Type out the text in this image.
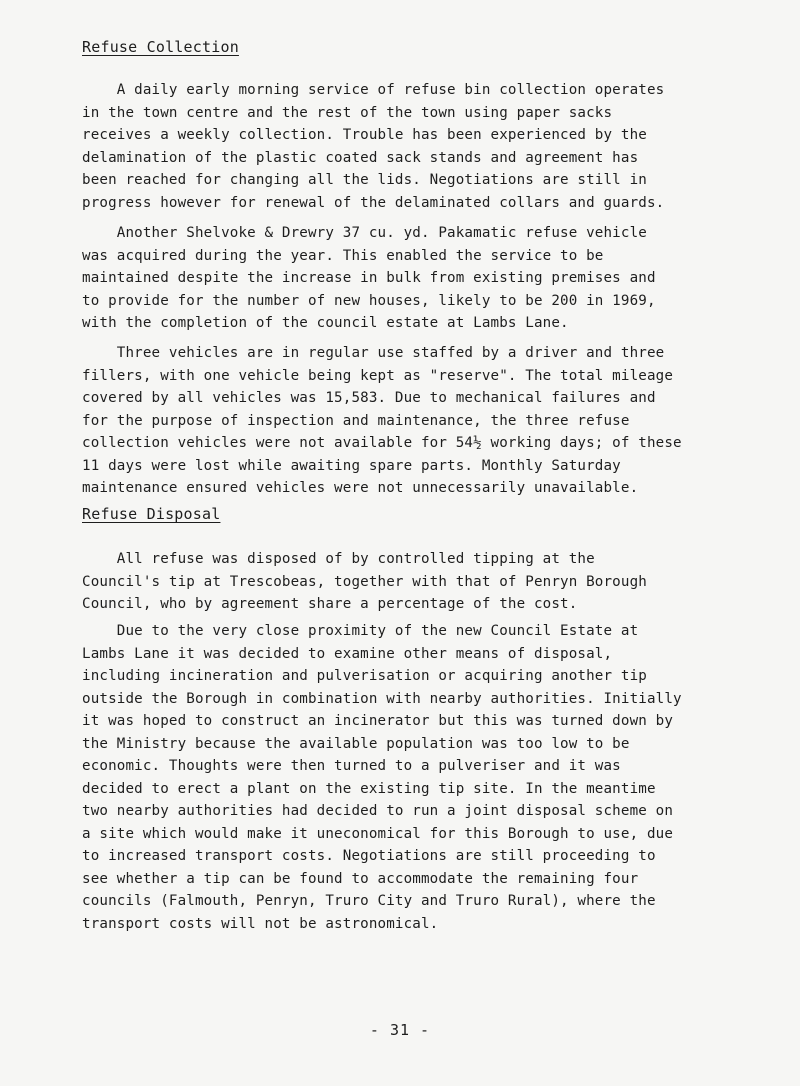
Refuse Collection
A daily early morning service of refuse bin collection operates
in the town centre and the rest of the town using paper sacks
receives a weekly collection. Trouble has been experienced by the
delamination of the plastic coated sack stands and agreement has
been reached for changing all the lids. Negotiations are still in
progress however for renewal of the delaminated collars and guards.
Another Shelvoke & Drewry 37 cu. yd. Pakamatic refuse vehicle
was acquired during the year. This enabled the service to be
maintained despite the increase in bulk from existing premises and
to provide for the number of new houses, likely to be 200 in 1969,
with the completion of the council estate at Lambs Lane.
Three vehicles are in regular use staffed by a driver and three
fillers, with one vehicle being kept as "reserve". The total mileage
covered by all vehicles was 15,583. Due to mechanical failures and
for the purpose of inspection and maintenance, the three refuse
collection vehicles were not available for 54½ working days; of these
11 days were lost while awaiting spare parts. Monthly Saturday
maintenance ensured vehicles were not unnecessarily unavailable.
Refuse Disposal
All refuse was disposed of by controlled tipping at the
Council's tip at Trescobeas, together with that of Penryn Borough
Council, who by agreement share a percentage of the cost.
Due to the very close proximity of the new Council Estate at
Lambs Lane it was decided to examine other means of disposal,
including incineration and pulverisation or acquiring another tip
outside the Borough in combination with nearby authorities. Initially
it was hoped to construct an incinerator but this was turned down by
the Ministry because the available population was too low to be
economic. Thoughts were then turned to a pulveriser and it was
decided to erect a plant on the existing tip site. In the meantime
two nearby authorities had decided to run a joint disposal scheme on
a site which would make it uneconomical for this Borough to use, due
to increased transport costs. Negotiations are still proceeding to
see whether a tip can be found to accommodate the remaining four
councils (Falmouth, Penryn, Truro City and Truro Rural), where the
transport costs will not be astronomical.
- 31 -
